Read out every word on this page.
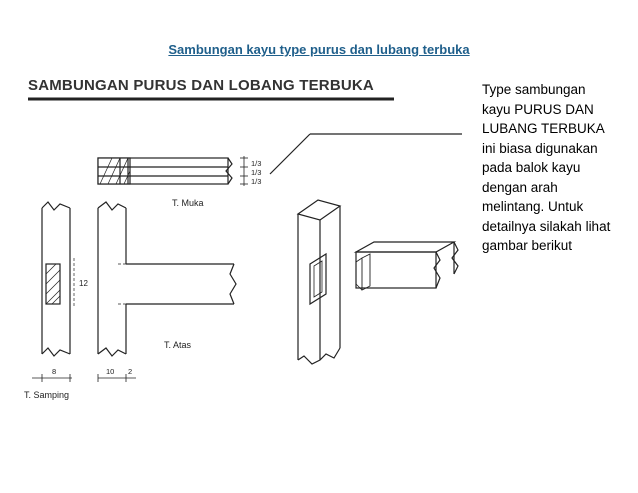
Sambungan kayu type purus dan lubang terbuka
SAMBUNGAN PURUS DAN LOBANG TERBUKA
1/3
1/3
1/3
T. Muka
12
8
T. Samping
T. Atas
10 2
Type sambungan kayu PURUS DAN LUBANG TERBUKA ini biasa digunakan pada balok kayu dengan arah melintang. Untuk detailnya silakah lihat gambar berikut
